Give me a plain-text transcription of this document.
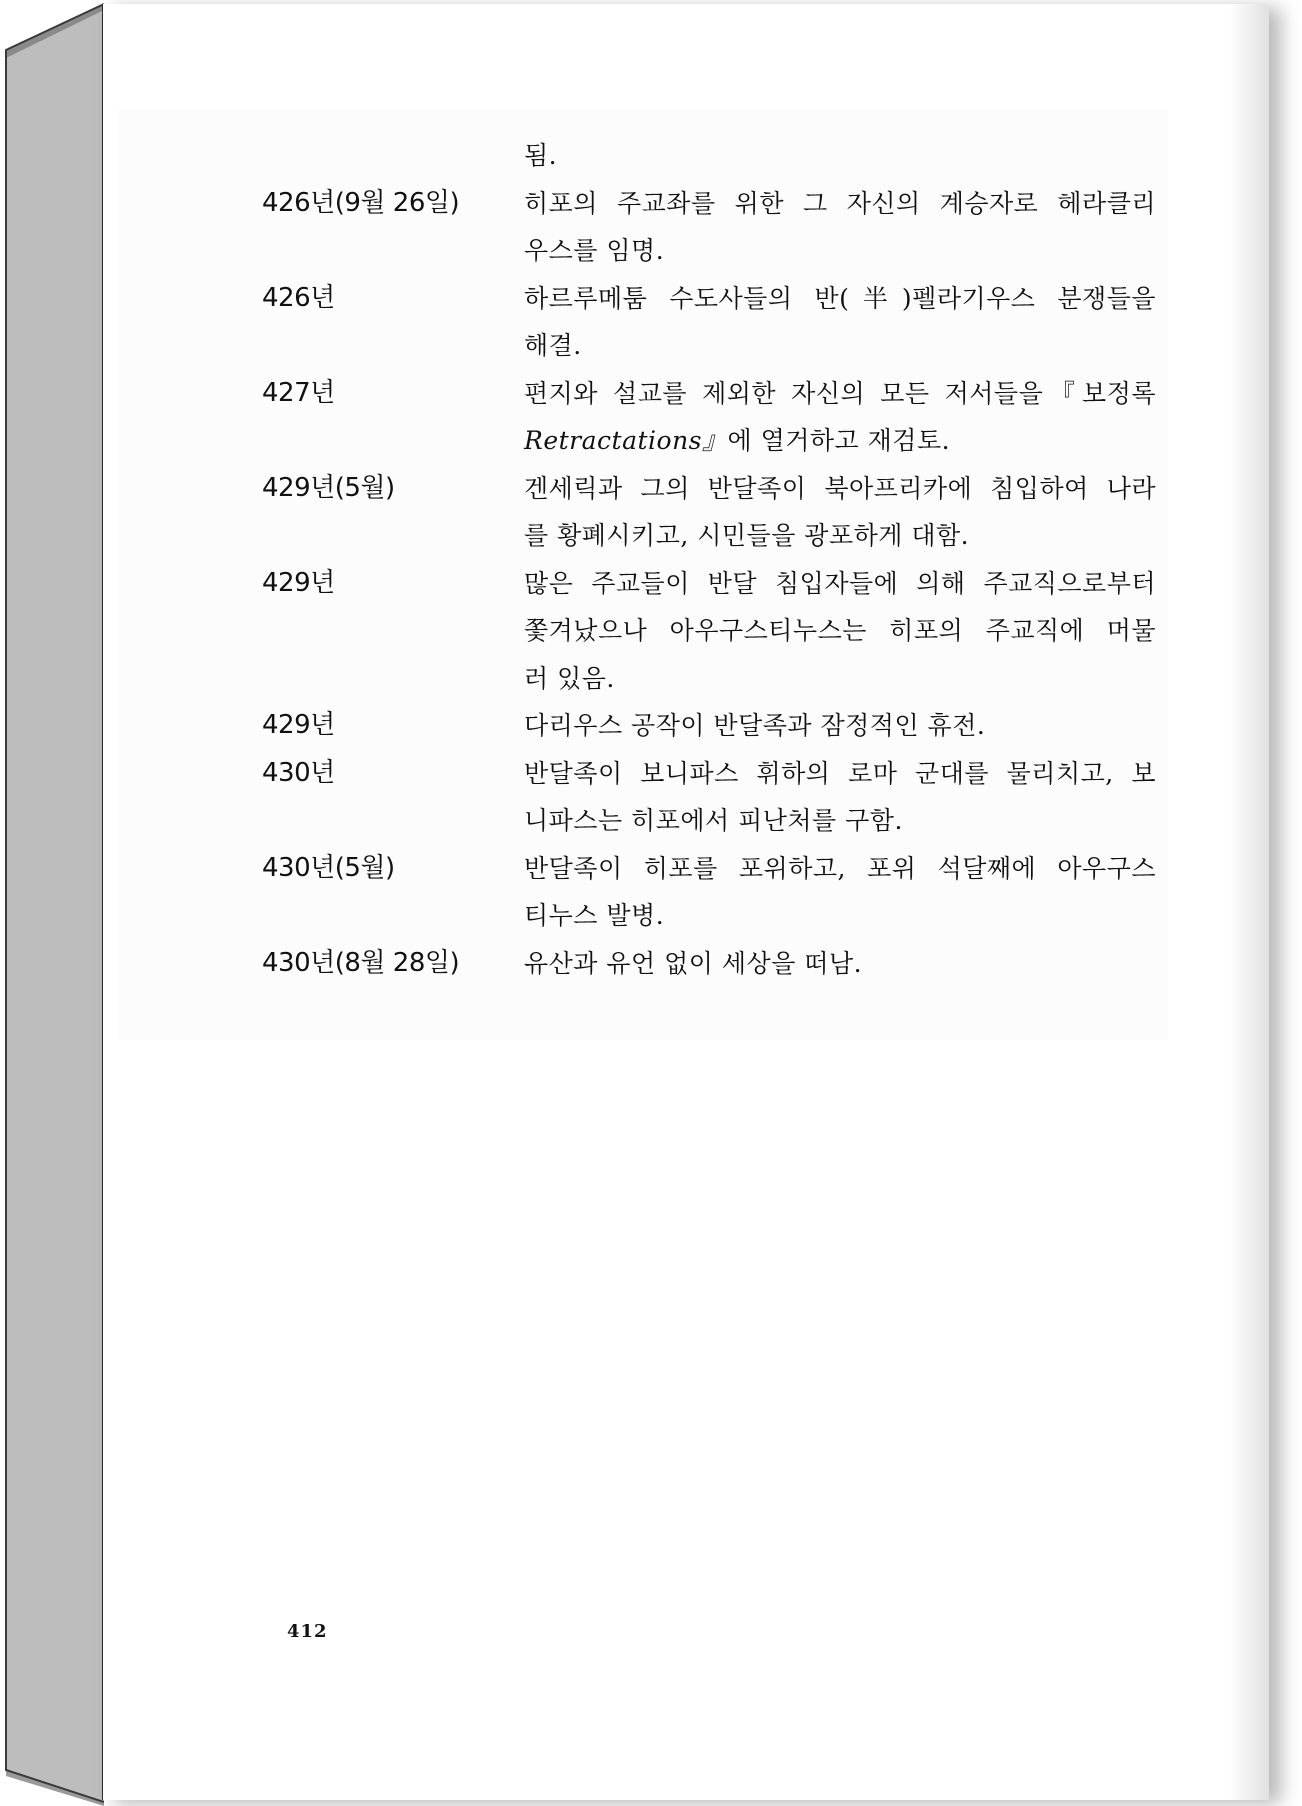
됨.
426년(9월 26일)	히포의 주교좌를 위한 그 자신의 계승자로 헤라클리
우스를 임명.
426년	하르루메툼 수도사들의 반(半)펠라기우스 분쟁들을
해결.
427년	편지와 설교를 제외한 자신의 모든 저서들을『보정록
Retractations』에 열거하고 재검토.
429년(5월)	겐세릭과 그의 반달족이 북아프리카에 침입하여 나라
를 황폐시키고, 시민들을 광포하게 대함.
429년	많은 주교들이 반달 침입자들에 의해 주교직으로부터
쫓겨났으나 아우구스티누스는 히포의 주교직에 머물
러 있음.
429년	다리우스 공작이 반달족과 잠정적인 휴전.
430년	반달족이 보니파스 휘하의 로마 군대를 물리치고, 보
니파스는 히포에서 피난처를 구함.
430년(5월)	반달족이 히포를 포위하고, 포위 석달째에 아우구스
티누스 발병.
430년(8월 28일)	유산과 유언 없이 세상을 떠남.
412
